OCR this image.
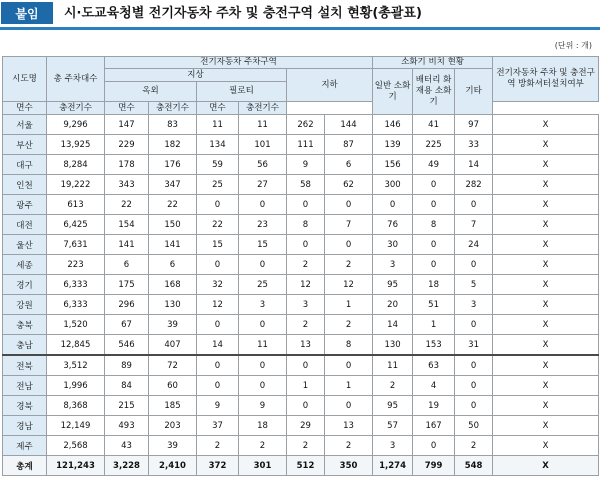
붙임	시·도교육청별 전기자동차 주차 및 충전구역 설치 현황(총괄표)
(단위 : 개)
시도명	총 주차대수	전기자동차 주차구역						소화기 비치 현황			전기자동차 주차 및 충전구역 방화셔터설치여부
		지상				지하		일반 소화기	배터리 화재용 소화기	기타	
		옥외		필로티							
면수	충전기수	면수	충전기수	면수	충전기수						
서울	9,296	147	83	11	11	262	144	146	41	97	X
부산	13,925	229	182	134	101	111	87	139	225	33	X
대구	8,284	178	176	59	56	9	6	156	49	14	X
인천	19,222	343	347	25	27	58	62	300	0	282	X
광주	613	22	22	0	0	0	0	0	0	0	X
대전	6,425	154	150	22	23	8	7	76	8	7	X
울산	7,631	141	141	15	15	0	0	30	0	24	X
세종	223	6	6	0	0	2	2	3	0	0	X
경기	6,333	175	168	32	25	12	12	95	18	5	X
강원	6,333	296	130	12	3	3	1	20	51	3	X
충북	1,520	67	39	0	0	2	2	14	1	0	X
충남	12,845	546	407	14	11	13	8	130	153	31	X
전북	3,512	89	72	0	0	0	0	11	63	0	X
전남	1,996	84	60	0	0	1	1	2	4	0	X
경북	8,368	215	185	9	9	0	0	95	19	0	X
경남	12,149	493	203	37	18	29	13	57	167	50	X
제주	2,568	43	39	2	2	2	2	3	0	2	X
총계	121,243	3,228	2,410	372	301	512	350	1,274	799	548	X
